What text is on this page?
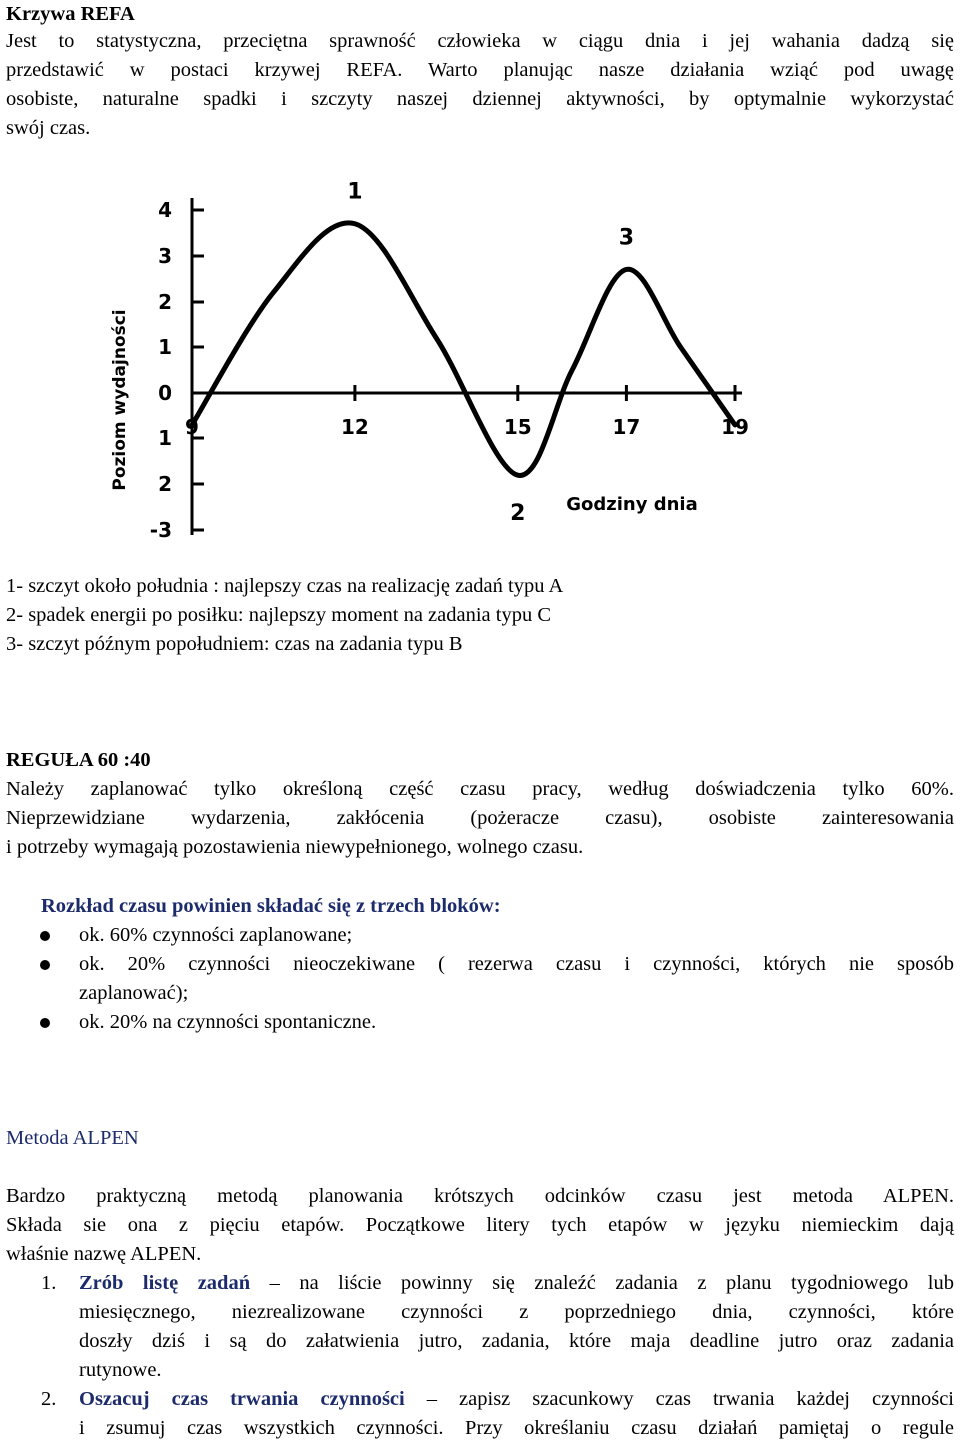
Krzywa REFA
Jest to statystyczna, przeciętna sprawność człowieka w ciągu dnia i jej wahania dadzą się
przedstawić w postaci krzywej REFA. Warto planując nasze działania wziąć pod uwagę
osobiste, naturalne spadki i szczyty naszej dziennej aktywności, by optymalnie wykorzystać
swój czas.
4
3
2
1
0
1
2
-3
9	12	15	17	19
1
2
3
Poziom wydajności
Godziny dnia
1- szczyt około południa : najlepszy czas na realizację zadań typu A
2- spadek energii po posiłku: najlepszy moment na zadania typu C
3- szczyt późnym popołudniem: czas na zadania typu B
REGUŁA 60 :40
Należy zaplanować tylko określoną część czasu pracy, według doświadczenia tylko 60%.
Nieprzewidziane wydarzenia, zakłócenia (pożeracze czasu), osobiste zainteresowania
i potrzeby wymagają pozostawienia niewypełnionego, wolnego czasu.
Rozkład czasu powinien składać się z trzech bloków:
ok. 60% czynności zaplanowane;
ok. 20% czynności nieoczekiwane ( rezerwa czasu i czynności, których nie sposób
zaplanować);
ok. 20% na czynności spontaniczne.
Metoda ALPEN
Bardzo praktyczną metodą planowania krótszych odcinków czasu jest metoda ALPEN.
Składa sie ona z pięciu etapów. Początkowe litery tych etapów w języku niemieckim dają
właśnie nazwę ALPEN.
1. Zrób listę zadań – na liście powinny się znaleźć zadania z planu tygodniowego lub
miesięcznego, niezrealizowane czynności z poprzedniego dnia, czynności, które
doszły dziś i są do załatwienia jutro, zadania, które maja deadline jutro oraz zadania
rutynowe.
2. Oszacuj czas trwania czynności – zapisz szacunkowy czas trwania każdej czynności
i zsumuj czas wszystkich czynności. Przy określaniu czasu działań pamiętaj o regule
